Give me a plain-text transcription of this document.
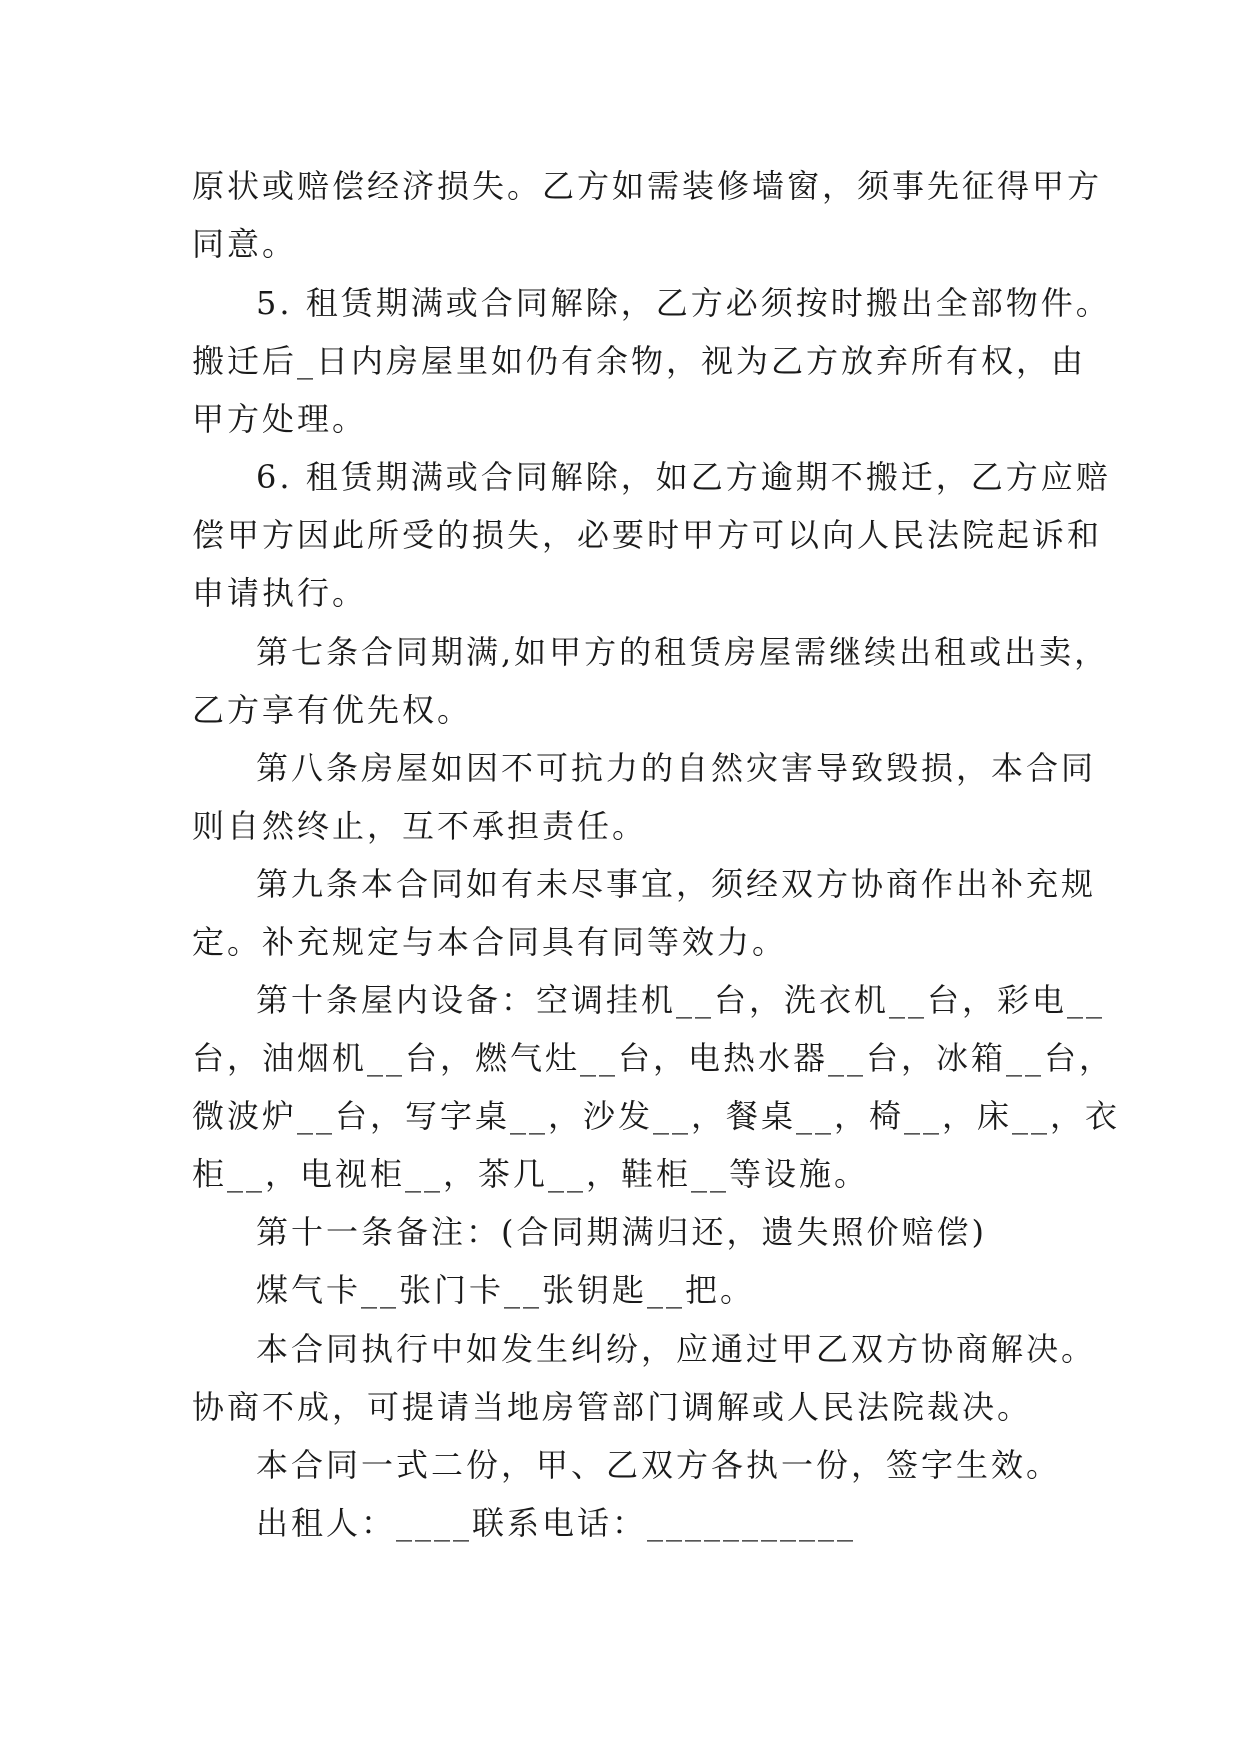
原状或赔偿经济损失。乙方如需装修墙窗，须事先征得甲方
同意。
5. 租赁期满或合同解除，乙方必须按时搬出全部物件。
搬迁后_日内房屋里如仍有余物，视为乙方放弃所有权，由
甲方处理。
6. 租赁期满或合同解除，如乙方逾期不搬迁，乙方应赔
偿甲方因此所受的损失，必要时甲方可以向人民法院起诉和
申请执行。
第七条合同期满,如甲方的租赁房屋需继续出租或出卖，
乙方享有优先权。
第八条房屋如因不可抗力的自然灾害导致毁损，本合同
则自然终止，互不承担责任。
第九条本合同如有未尽事宜，须经双方协商作出补充规
定。补充规定与本合同具有同等效力。
第十条屋内设备：空调挂机__台，洗衣机__台，彩电__
台，油烟机__台，燃气灶__台，电热水器__台，冰箱__台，
微波炉__台，写字桌__，沙发__，餐桌__，椅__，床__，衣
柜__，电视柜__，茶几__，鞋柜__等设施。
第十一条备注：(合同期满归还，遗失照价赔偿)
煤气卡__张门卡__张钥匙__把。
本合同执行中如发生纠纷，应通过甲乙双方协商解决。
协商不成，可提请当地房管部门调解或人民法院裁决。
本合同一式二份，甲、乙双方各执一份，签字生效。
出租人：____联系电话：___________
